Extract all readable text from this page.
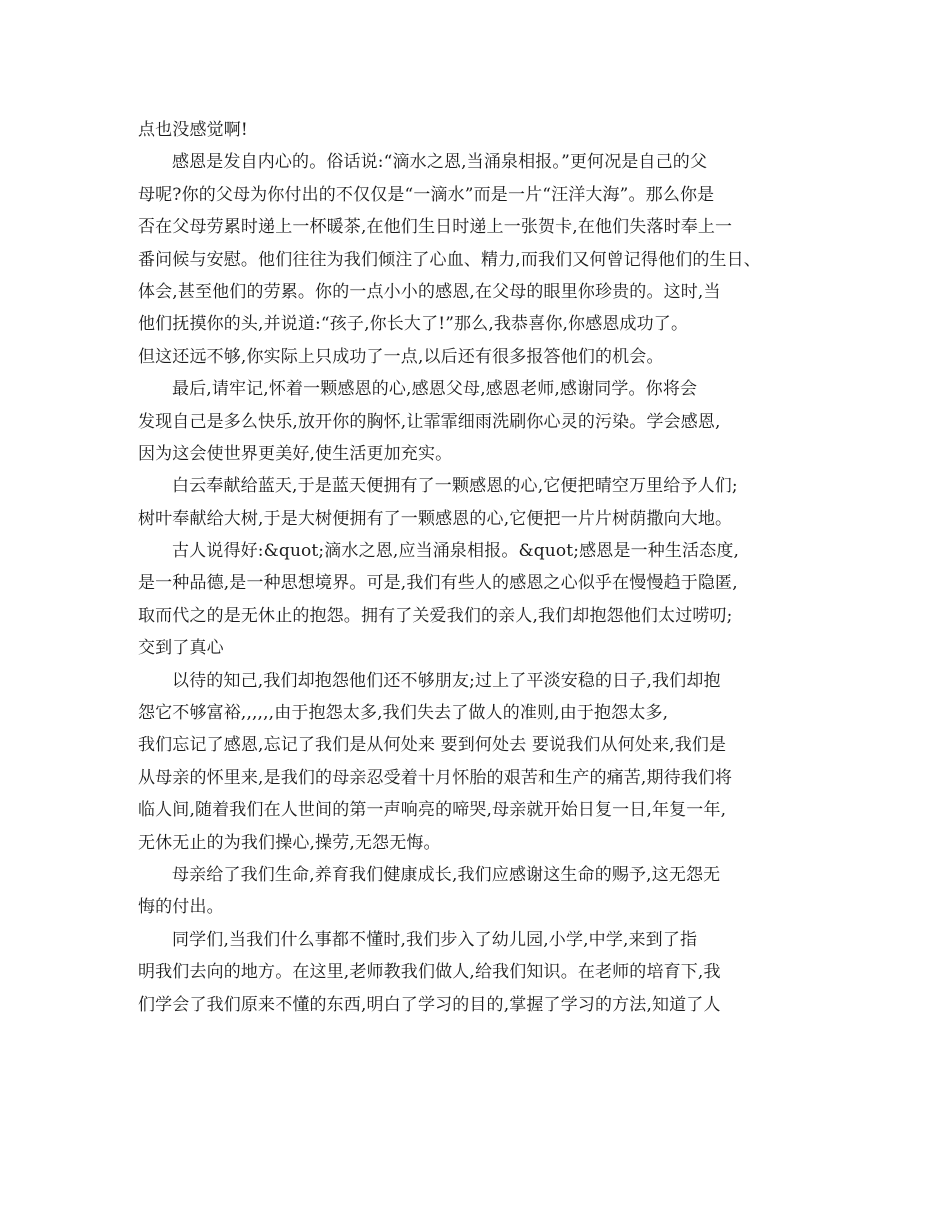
点也没感觉啊!
感恩是发自内心的。俗话说:“滴水之恩,当涌泉相报。”更何况是自己的父
母呢?你的父母为你付出的不仅仅是“一滴水”而是一片“汪洋大海”。那么你是
否在父母劳累时递上一杯暖茶,在他们生日时递上一张贺卡,在他们失落时奉上一
番问候与安慰。他们往往为我们倾注了心血、精力,而我们又何曾记得他们的生日、
体会,甚至他们的劳累。你的一点小小的感恩,在父母的眼里你珍贵的。这时,当
他们抚摸你的头,并说道:“孩子,你长大了!”那么,我恭喜你,你感恩成功了。
但这还远不够,你实际上只成功了一点,以后还有很多报答他们的机会。
最后,请牢记,怀着一颗感恩的心,感恩父母,感恩老师,感谢同学。你将会
发现自己是多么快乐,放开你的胸怀,让霏霏细雨洗刷你心灵的污染。学会感恩,
因为这会使世界更美好,使生活更加充实。
白云奉献给蓝天,于是蓝天便拥有了一颗感恩的心,它便把晴空万里给予人们;
树叶奉献给大树,于是大树便拥有了一颗感恩的心,它便把一片片树荫撒向大地。
古人说得好:&quot;滴水之恩,应当涌泉相报。&quot;感恩是一种生活态度,
是一种品德,是一种思想境界。可是,我们有些人的感恩之心似乎在慢慢趋于隐匿,
取而代之的是无休止的抱怨。拥有了关爱我们的亲人,我们却抱怨他们太过唠叨;
交到了真心
以待的知己,我们却抱怨他们还不够朋友;过上了平淡安稳的日子,我们却抱
怨它不够富裕,,,,,,由于抱怨太多,我们失去了做人的准则,由于抱怨太多,
我们忘记了感恩,忘记了我们是从何处来 要到何处去 要说我们从何处来,我们是
从母亲的怀里来,是我们的母亲忍受着十月怀胎的艰苦和生产的痛苦,期待我们将
临人间,随着我们在人世间的第一声响亮的啼哭,母亲就开始日复一日,年复一年,
无休无止的为我们操心,操劳,无怨无悔。
母亲给了我们生命,养育我们健康成长,我们应感谢这生命的赐予,这无怨无
悔的付出。
同学们,当我们什么事都不懂时,我们步入了幼儿园,小学,中学,来到了指
明我们去向的地方。在这里,老师教我们做人,给我们知识。在老师的培育下,我
们学会了我们原来不懂的东西,明白了学习的目的,掌握了学习的方法,知道了人
